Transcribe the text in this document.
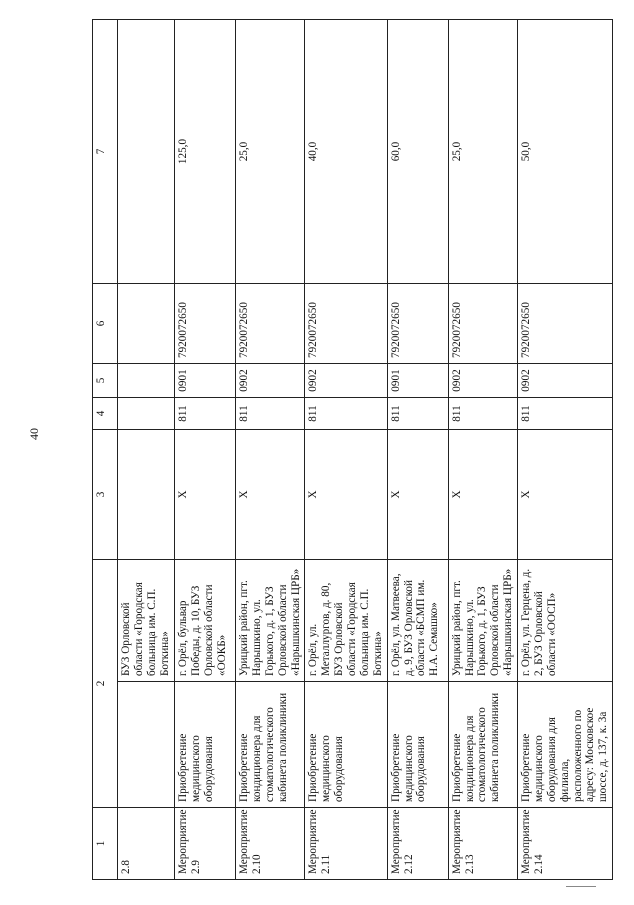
40
1	2		3	4	5	6	7
2.8		БУЗ Орловской области «Городская больница им. С.П. Боткина»					
Мероприятие 2.9	Приобретение медицинского оборудования	г. Орёл, бульвар Победы, д. 10, БУЗ Орловской области «ООКБ»	X	811	0901	7920072650	125,0
Мероприятие 2.10	Приобретение кондиционера для стоматологического кабинета поликлиники	Урицкий район, пгт. Нарышкино, ул. Горького, д. 1, БУЗ Орловской области «Нарышкинская ЦРБ»	X	811	0902	7920072650	25,0
Мероприятие 2.11	Приобретение медицинского оборудования	г. Орёл, ул. Металлургов, д. 80, БУЗ Орловской области «Городская больница им. С.П. Боткина»	X	811	0902	7920072650	40,0
Мероприятие 2.12	Приобретение медицинского оборудования	г. Орёл, ул. Матвеева, д. 9, БУЗ Орловской области «БСМП им. Н.А. Семашко»	X	811	0901	7920072650	60,0
Мероприятие 2.13	Приобретение кондиционера для стоматологического кабинета поликлиники	Урицкий район, пгт. Нарышкино, ул. Горького, д. 1, БУЗ Орловской области «Нарышкинская ЦРБ»	X	811	0902	7920072650	25,0
Мероприятие 2.14	Приобретение медицинского оборудования для филиала, расположенного по адресу: Московское шоссе, д. 137, к. 3а	г. Орёл, ул. Герцена, д. 2, БУЗ Орловской области «ООСП»	X	811	0902	7920072650	50,0
